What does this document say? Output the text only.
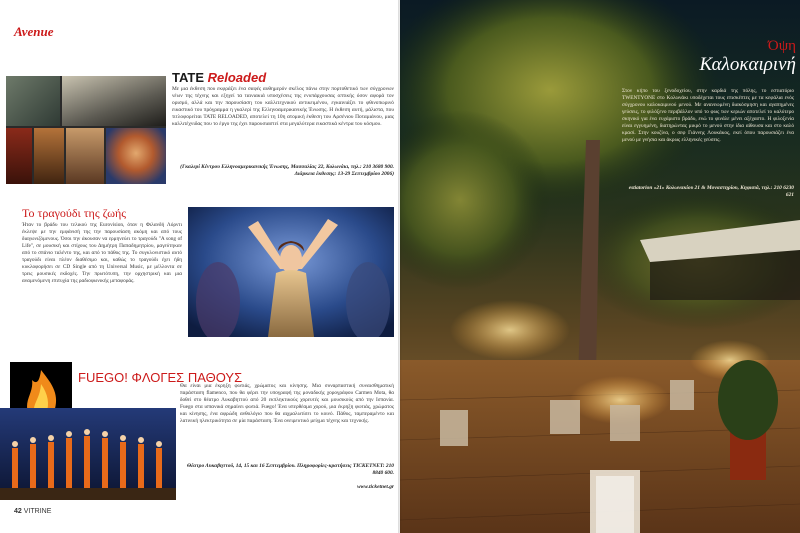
Avenue
TATE Reloaded
Με μια έκθεση που εκφράζει ένα σαφές αυθημερόν σκέλος πάνω στην πορτοθετικό των σύγχρονων νέων της τέχνης και εξηγεί τα ταινιακιά υποσχέσεις της ενυπάρχουσας οπτικής όσον αφορά τον ορισμό, αλλά και την παρουσίαση του καλλιτεχνικού αντικειμένου, εγκαινιάζει το φθινοπωρινό εικαστικό του πρόγραμμα η γκαλερί της Ελληνοαμερικανικής Ένωσης. Η έκθεση αυτή, μάλιστα, που τιτλοφορείται TATE RELOADED, αποτελεί τη 10η ατομική έκθεση του Αρσένιου Ποταμιάνου, μιας καλλιτέχνιδας που το έργο της έχει παρουσιαστεί στα μεγαλύτερα εικαστικά κέντρα του κόσμου.
(Γκαλερί Κέντρου Ελληνοαμερικανικής Ένωσης, Μασσαλίας 22, Κολωνάκι, τηλ.: 210 3680 900. Διάρκεια έκθεσης: 13-29 Σεπτεμβρίου 2006)
Το τραγούδι της ζωής
Ήταν το βράδυ του τελικού της Eurovision, όταν η Φιλανδή Λόρντι έκλεψε με την εμφάνισή της την παρουσίαση ακόμη και από τους διαγωνιζόμενους. Όσοι την άκουσαν να ερμηνεύει το τραγούδι "A song of Life", σε μουσική και στίχους του Δημήτρη Παπαδημητρίου, μαγεύτηκαν από το σπάνιο ταλέντο της, και από το πάθος της. Το συγκλονιστικό αυτό τραγούδι είναι πλέον διαθέσιμο και, καθώς το τραγούδι έχει ήδη κυκλοφορήσει σε CD Single από τη Universal Music, με μέλλοντα σε τρεις μουσικές εκδοχές. Την πρωτότυπη, την ορχηστρική και μια αναμενόμενη επιτυχία της ραδιοφωνικής μεταφοράς.
FUEGO! ΦΛΟΓΕΣ ΠΑΘΟΥΣ
Θα είναι μια έκρηξη φωτιάς, χρώματος και κίνησης. Μια συναρπαστική συναισθηματική παράσταση flamenco, που θα φέρει την υπογραφή της μοναδικής χορογράφου Carmen Mota, θα δοθεί στο θέατρο Λυκαβηττού από 20 εκπληκτικούς χορευτές και μουσικούς από την Ισπανία. Fuego στα ισπανικά σημαίνει φωτιά. Fuego! Ένα υπερθέαμα χορού, μια έκρηξη φωτιάς, χρώματος και κίνησης, ένα αφρώδη ανθολόγιο που θα αιχμαλωτίσει το κοινό. Πάθος, ταμπεραμέντο και λατινική ηλεκτρικότητα σε μία παράσταση. Ένα ονειρευτικό μείγμα τέχνης και τεχνικής.
Θέατρο Λυκαβηττού, 14, 15 και 16 Σεπτεμβρίου. Πληροφορίες-κρατήσεις TICKETNET: 210 8840 600.
www.ticketnet.gr
42 VITRINE
Όψη
Καλοκαιρινή
Στον κήπο του ξενοδοχείου, στην καρδιά της πόλης, το εστιατόριο TWENTYONE στο Κολωνάκι υποδέχεται τους επισκέπτες με τα κεφάλια ενός σύγχρονου καλοκαιρινού μενού. Με ανανεωμένη διακόσμηση και αγαπημένες γεύσεις, το φιλόξενο περιβάλλον υπό το φως των κεριών αποτελεί το καλύτερο σκηνικό για ένα ευχάριστο βράδυ, ενώ το φινάλε μένει αξέχαστο. Η φιλοξενία είναι εγγυημένη, διατηρώντας μικρό το μενού στην ίδια αίθουσα και στο καλό κρασί. Στην κουζίνα, ο σεφ Γιάννης Λουκάκος, εκεί όπου παρουσιάζει ένα μενού με γνήσια και άκρως ελληνικές γεύσεις.
estiatorion «21» Κολωνακίου 21 & Μοναστηρίου, Κηφισιά, τηλ.: 210 6230 621
